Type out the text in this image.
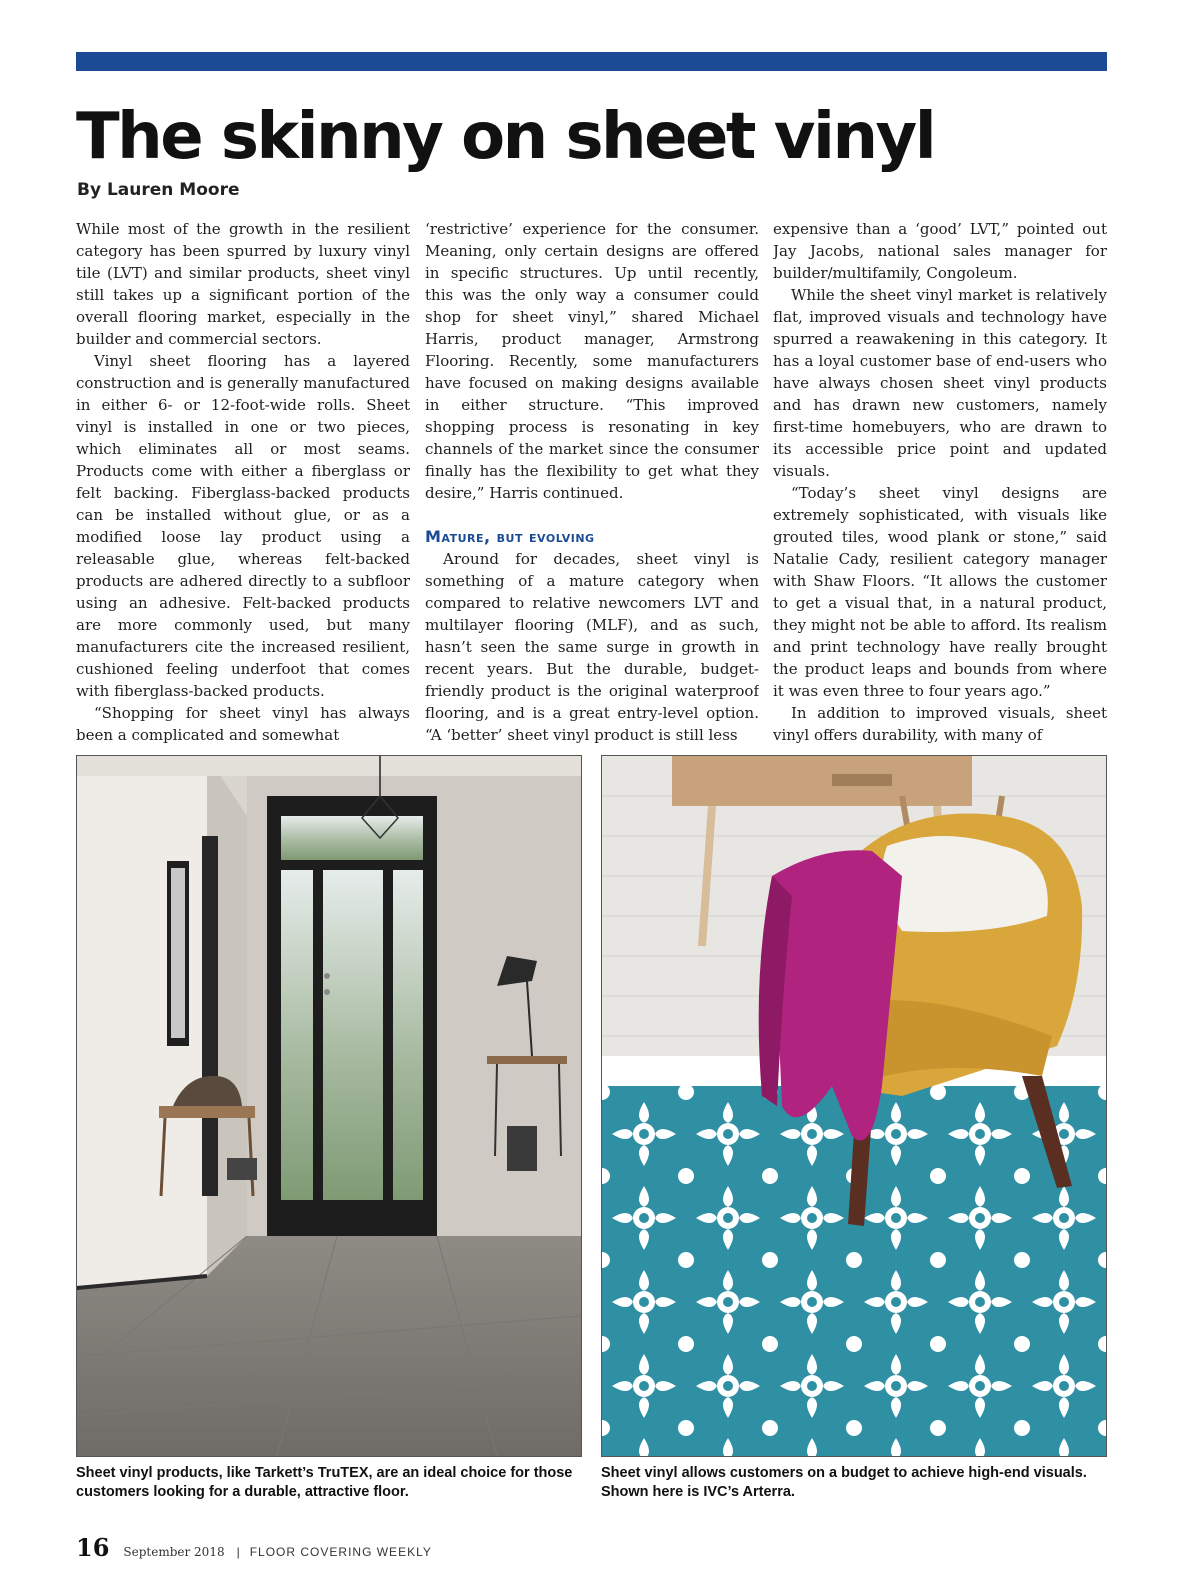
The skinny on sheet vinyl
By Lauren Moore

While most of the growth in the resilient category has been spurred by luxury vinyl tile (LVT) and similar products, sheet vinyl still takes up a significant portion of the overall flooring market, especially in the builder and commercial sectors.

Vinyl sheet flooring has a layered construction and is generally manufactured in either 6- or 12-foot-wide rolls. Sheet vinyl is installed in one or two pieces, which eliminates all or most seams. Products come with either a fiberglass or felt backing. Fiberglass-backed products can be installed without glue, or as a modified loose lay product using a releasable glue, whereas felt-backed products are adhered directly to a subfloor using an adhesive. Felt-backed products are more commonly used, but many manufacturers cite the increased resilient, cushioned feeling underfoot that comes with fiberglass-backed products.

“Shopping for sheet vinyl has always been a complicated and somewhat

‘restrictive’ experience for the consumer. Meaning, only certain designs are offered in specific structures. Up until recently, this was the only way a consumer could shop for sheet vinyl,” shared Michael Harris, product manager, Armstrong Flooring. Recently, some manufacturers have focused on making designs available in either structure. “This improved shopping process is resonating in key channels of the market since the consumer finally has the flexibility to get what they desire,” Harris continued.

Mature, but evolving

Around for decades, sheet vinyl is something of a mature category when compared to relative newcomers LVT and multilayer flooring (MLF), and as such, hasn’t seen the same surge in growth in recent years. But the durable, budget-friendly product is the original waterproof flooring, and is a great entry-level option. “A ‘better’ sheet vinyl product is still less

expensive than a ‘good’ LVT,” pointed out Jay Jacobs, national sales manager for builder/multifamily, Congoleum.

While the sheet vinyl market is relatively flat, improved visuals and technology have spurred a reawakening in this category. It has a loyal customer base of end-users who have always chosen sheet vinyl products and has drawn new customers, namely first-time homebuyers, who are drawn to its accessible price point and updated visuals.

“Today’s sheet vinyl designs are extremely sophisticated, with visuals like grouted tiles, wood plank or stone,” said Natalie Cady, resilient category manager with Shaw Floors. “It allows the customer to get a visual that, in a natural product, they might not be able to afford. Its realism and print technology have really brought the product leaps and bounds from where it was even three to four years ago.”

In addition to improved visuals, sheet vinyl offers durability, with many of

Sheet vinyl products, like Tarkett’s TruTEX, are an ideal choice for those customers looking for a durable, attractive floor.
Sheet vinyl allows customers on a budget to achieve high-end visuals. Shown here is IVC’s Arterra.
16 September 2018 | FLOOR COVERING WEEKLY
